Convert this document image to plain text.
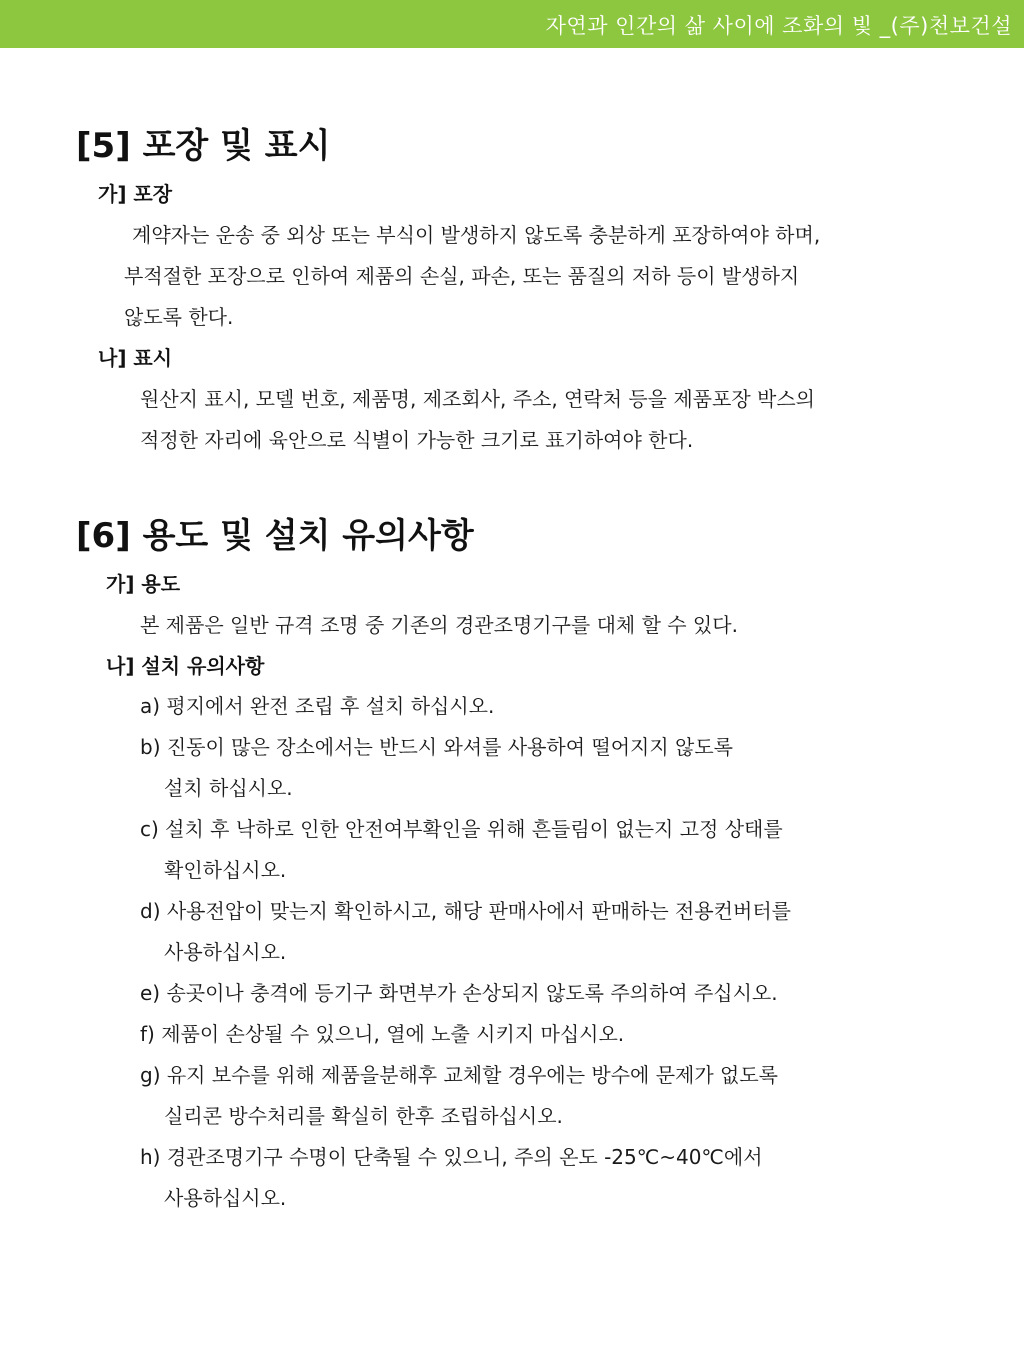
자연과 인간의 삶 사이에 조화의 빛 _(주)천보건설
[5] 포장 및 표시
가] 포장

계약자는 운송 중 외상 또는 부식이 발생하지 않도록 충분하게 포장하여야 하며,

부적절한 포장으로 인하여 제품의 손실, 파손, 또는 품질의 저하 등이 발생하지

않도록 한다.

나] 표시

원산지 표시, 모델 번호, 제품명, 제조회사, 주소, 연락처 등을 제품포장 박스의

적정한 자리에 육안으로 식별이 가능한 크기로 표기하여야 한다.

[6] 용도 및 설치 유의사항
가] 용도

본 제품은 일반 규격 조명 중 기존의 경관조명기구를 대체 할 수 있다.

나] 설치 유의사항

a) 평지에서 완전 조립 후 설치 하십시오.

b) 진동이 많은 장소에서는 반드시 와셔를 사용하여 떨어지지 않도록

설치 하십시오.

c) 설치 후 낙하로 인한 안전여부확인을 위해 흔들림이 없는지 고정 상태를

확인하십시오.

d) 사용전압이 맞는지 확인하시고, 해당 판매사에서 판매하는 전용컨버터를

사용하십시오.

e) 송곳이나 충격에 등기구 화면부가 손상되지 않도록 주의하여 주십시오.

f) 제품이 손상될 수 있으니, 열에 노출 시키지 마십시오.

g) 유지 보수를 위해 제품을분해후 교체할 경우에는 방수에 문제가 없도록

실리콘 방수처리를 확실히 한후 조립하십시오.

h) 경관조명기구 수명이 단축될 수 있으니, 주의 온도 -25℃~40℃에서

사용하십시오.
